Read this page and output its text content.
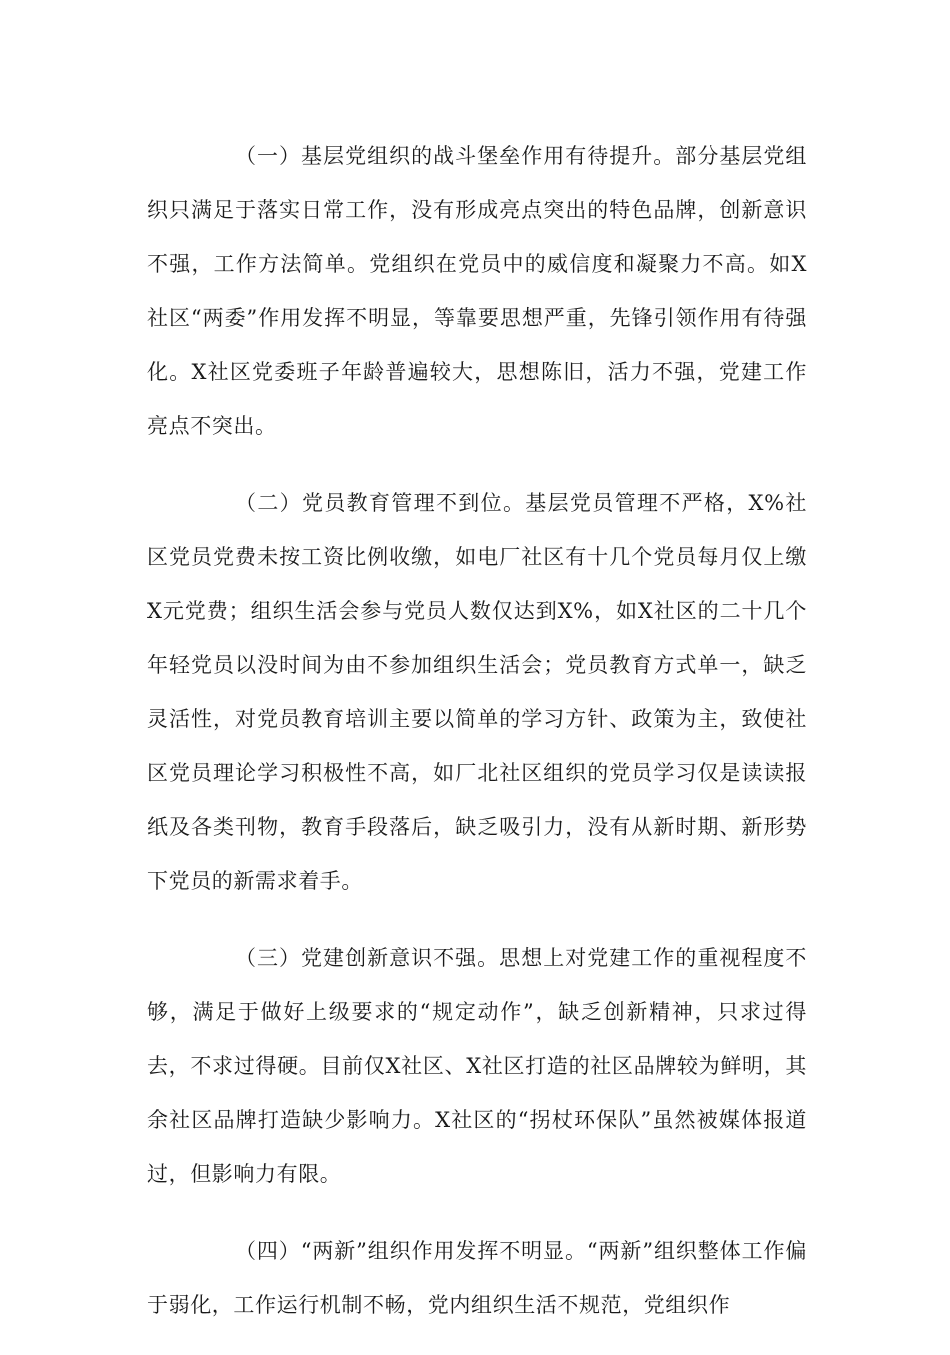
（一）基层党组织的战斗堡垒作用有待提升。部分基层党组织只满足于落实日常工作，没有形成亮点突出的特色品牌，创新意识不强，工作方法简单。党组织在党员中的威信度和凝聚力不高。如X社区“两委”作用发挥不明显，等靠要思想严重，先锋引领作用有待强化。X社区党委班子年龄普遍较大，思想陈旧，活力不强，党建工作亮点不突出。

（二）党员教育管理不到位。基层党员管理不严格，X%社区党员党费未按工资比例收缴，如电厂社区有十几个党员每月仅上缴X元党费；组织生活会参与党员人数仅达到X%，如X社区的二十几个年轻党员以没时间为由不参加组织生活会；党员教育方式单一，缺乏灵活性，对党员教育培训主要以简单的学习方针、政策为主，致使社区党员理论学习积极性不高，如厂北社区组织的党员学习仅是读读报纸及各类刊物，教育手段落后，缺乏吸引力，没有从新时期、新形势下党员的新需求着手。

（三）党建创新意识不强。思想上对党建工作的重视程度不够，满足于做好上级要求的“规定动作”，缺乏创新精神，只求过得去，不求过得硬。目前仅X社区、X社区打造的社区品牌较为鲜明，其余社区品牌打造缺少影响力。X社区的“拐杖环保队”虽然被媒体报道过，但影响力有限。

（四）“两新”组织作用发挥不明显。“两新”组织整体工作偏于弱化，工作运行机制不畅，党内组织生活不规范，党组织作
